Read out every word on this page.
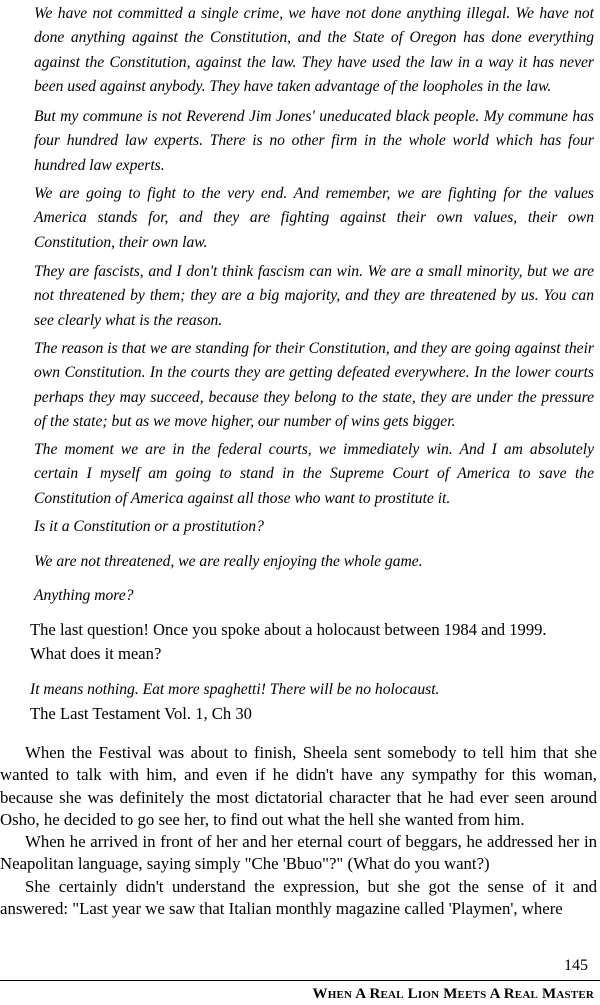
We have not committed a single crime, we have not done anything illegal. We have not done anything against the Constitution, and the State of Oregon has done everything against the Constitution, against the law. They have used the law in a way it has never been used against anybody. They have taken advantage of the loopholes in the law.

But my commune is not Reverend Jim Jones' uneducated black people. My commune has four hundred law experts. There is no other firm in the whole world which has four hundred law experts.

We are going to fight to the very end. And remember, we are fighting for the values America stands for, and they are fighting against their own values, their own Constitution, their own law.

They are fascists, and I don't think fascism can win. We are a small minority, but we are not threatened by them; they are a big majority, and they are threatened by us. You can see clearly what is the reason.

The reason is that we are standing for their Constitution, and they are going against their own Constitution. In the courts they are getting defeated everywhere. In the lower courts perhaps they may succeed, because they belong to the state, they are under the pressure of the state; but as we move higher, our number of wins gets bigger.

The moment we are in the federal courts, we immediately win. And I am absolutely certain I myself am going to stand in the Supreme Court of America to save the Constitution of America against all those who want to prostitute it.

Is it a Constitution or a prostitution?

We are not threatened, we are really enjoying the whole game.

Anything more?

The last question! Once you spoke about a holocaust between 1984 and 1999. What does it mean?

It means nothing. Eat more spaghetti! There will be no holocaust.

The Last Testament Vol. 1, Ch 30

When the Festival was about to finish, Sheela sent somebody to tell him that she wanted to talk with him, and even if he didn't have any sympathy for this woman, because she was definitely the most dictatorial character that he had ever seen around Osho, he decided to go see her, to find out what the hell she wanted from him.

When he arrived in front of her and her eternal court of beggars, he addressed her in Neapolitan language, saying simply "Che 'Bbuo"?" (What do you want?)

She certainly didn't understand the expression, but she got the sense of it and answered: "Last year we saw that Italian monthly magazine called 'Playmen', where

145
When A Real Lion Meets A Real Master
